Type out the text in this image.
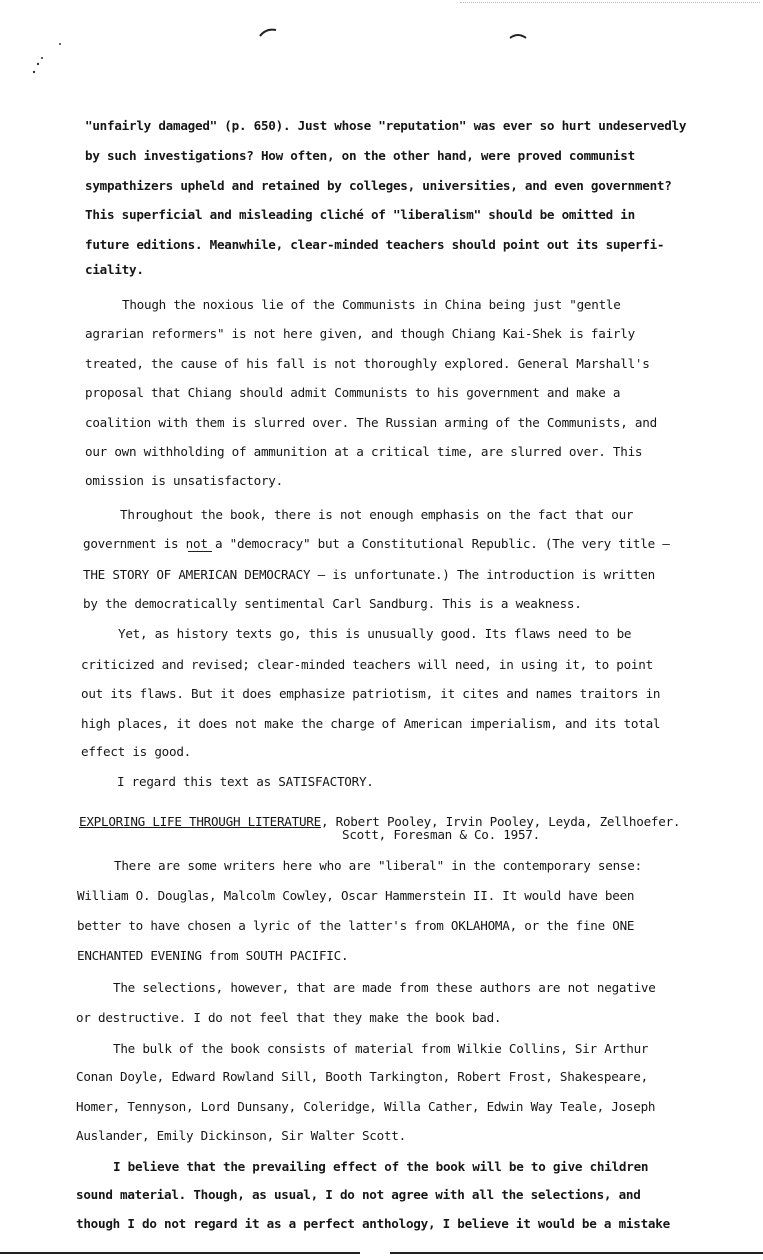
"unfairly damaged" (p. 650). Just whose "reputation" was ever so hurt undeservedly
by such investigations? How often, on the other hand, were proved communist
sympathizers upheld and retained by colleges, universities, and even government?
This superficial and misleading cliché of "liberalism" should be omitted in
future editions. Meanwhile, clear-minded teachers should point out its superfi-
ciality.
Though the noxious lie of the Communists in China being just "gentle
agrarian reformers" is not here given, and though Chiang Kai-Shek is fairly
treated, the cause of his fall is not thoroughly explored. General Marshall's
proposal that Chiang should admit Communists to his government and make a
coalition with them is slurred over. The Russian arming of the Communists, and
our own withholding of ammunition at a critical time, are slurred over. This
omission is unsatisfactory.
Throughout the book, there is not enough emphasis on the fact that our
government is not a "democracy" but a Constitutional Republic. (The very title —
THE STORY OF AMERICAN DEMOCRACY — is unfortunate.) The introduction is written
by the democratically sentimental Carl Sandburg. This is a weakness.
Yet, as history texts go, this is unusually good. Its flaws need to be
criticized and revised; clear-minded teachers will need, in using it, to point
out its flaws. But it does emphasize patriotism, it cites and names traitors in
high places, it does not make the charge of American imperialism, and its total
effect is good.
I regard this text as SATISFACTORY.
EXPLORING LIFE THROUGH LITERATURE, Robert Pooley, Irvin Pooley, Leyda, Zellhoefer.
Scott, Foresman & Co. 1957.
There are some writers here who are "liberal" in the contemporary sense:
William O. Douglas, Malcolm Cowley, Oscar Hammerstein II. It would have been
better to have chosen a lyric of the latter's from OKLAHOMA, or the fine ONE
ENCHANTED EVENING from SOUTH PACIFIC.
The selections, however, that are made from these authors are not negative
or destructive. I do not feel that they make the book bad.
The bulk of the book consists of material from Wilkie Collins, Sir Arthur
Conan Doyle, Edward Rowland Sill, Booth Tarkington, Robert Frost, Shakespeare,
Homer, Tennyson, Lord Dunsany, Coleridge, Willa Cather, Edwin Way Teale, Joseph
Auslander, Emily Dickinson, Sir Walter Scott.
I believe that the prevailing effect of the book will be to give children
sound material. Though, as usual, I do not agree with all the selections, and
though I do not regard it as a perfect anthology, I believe it would be a mistake
